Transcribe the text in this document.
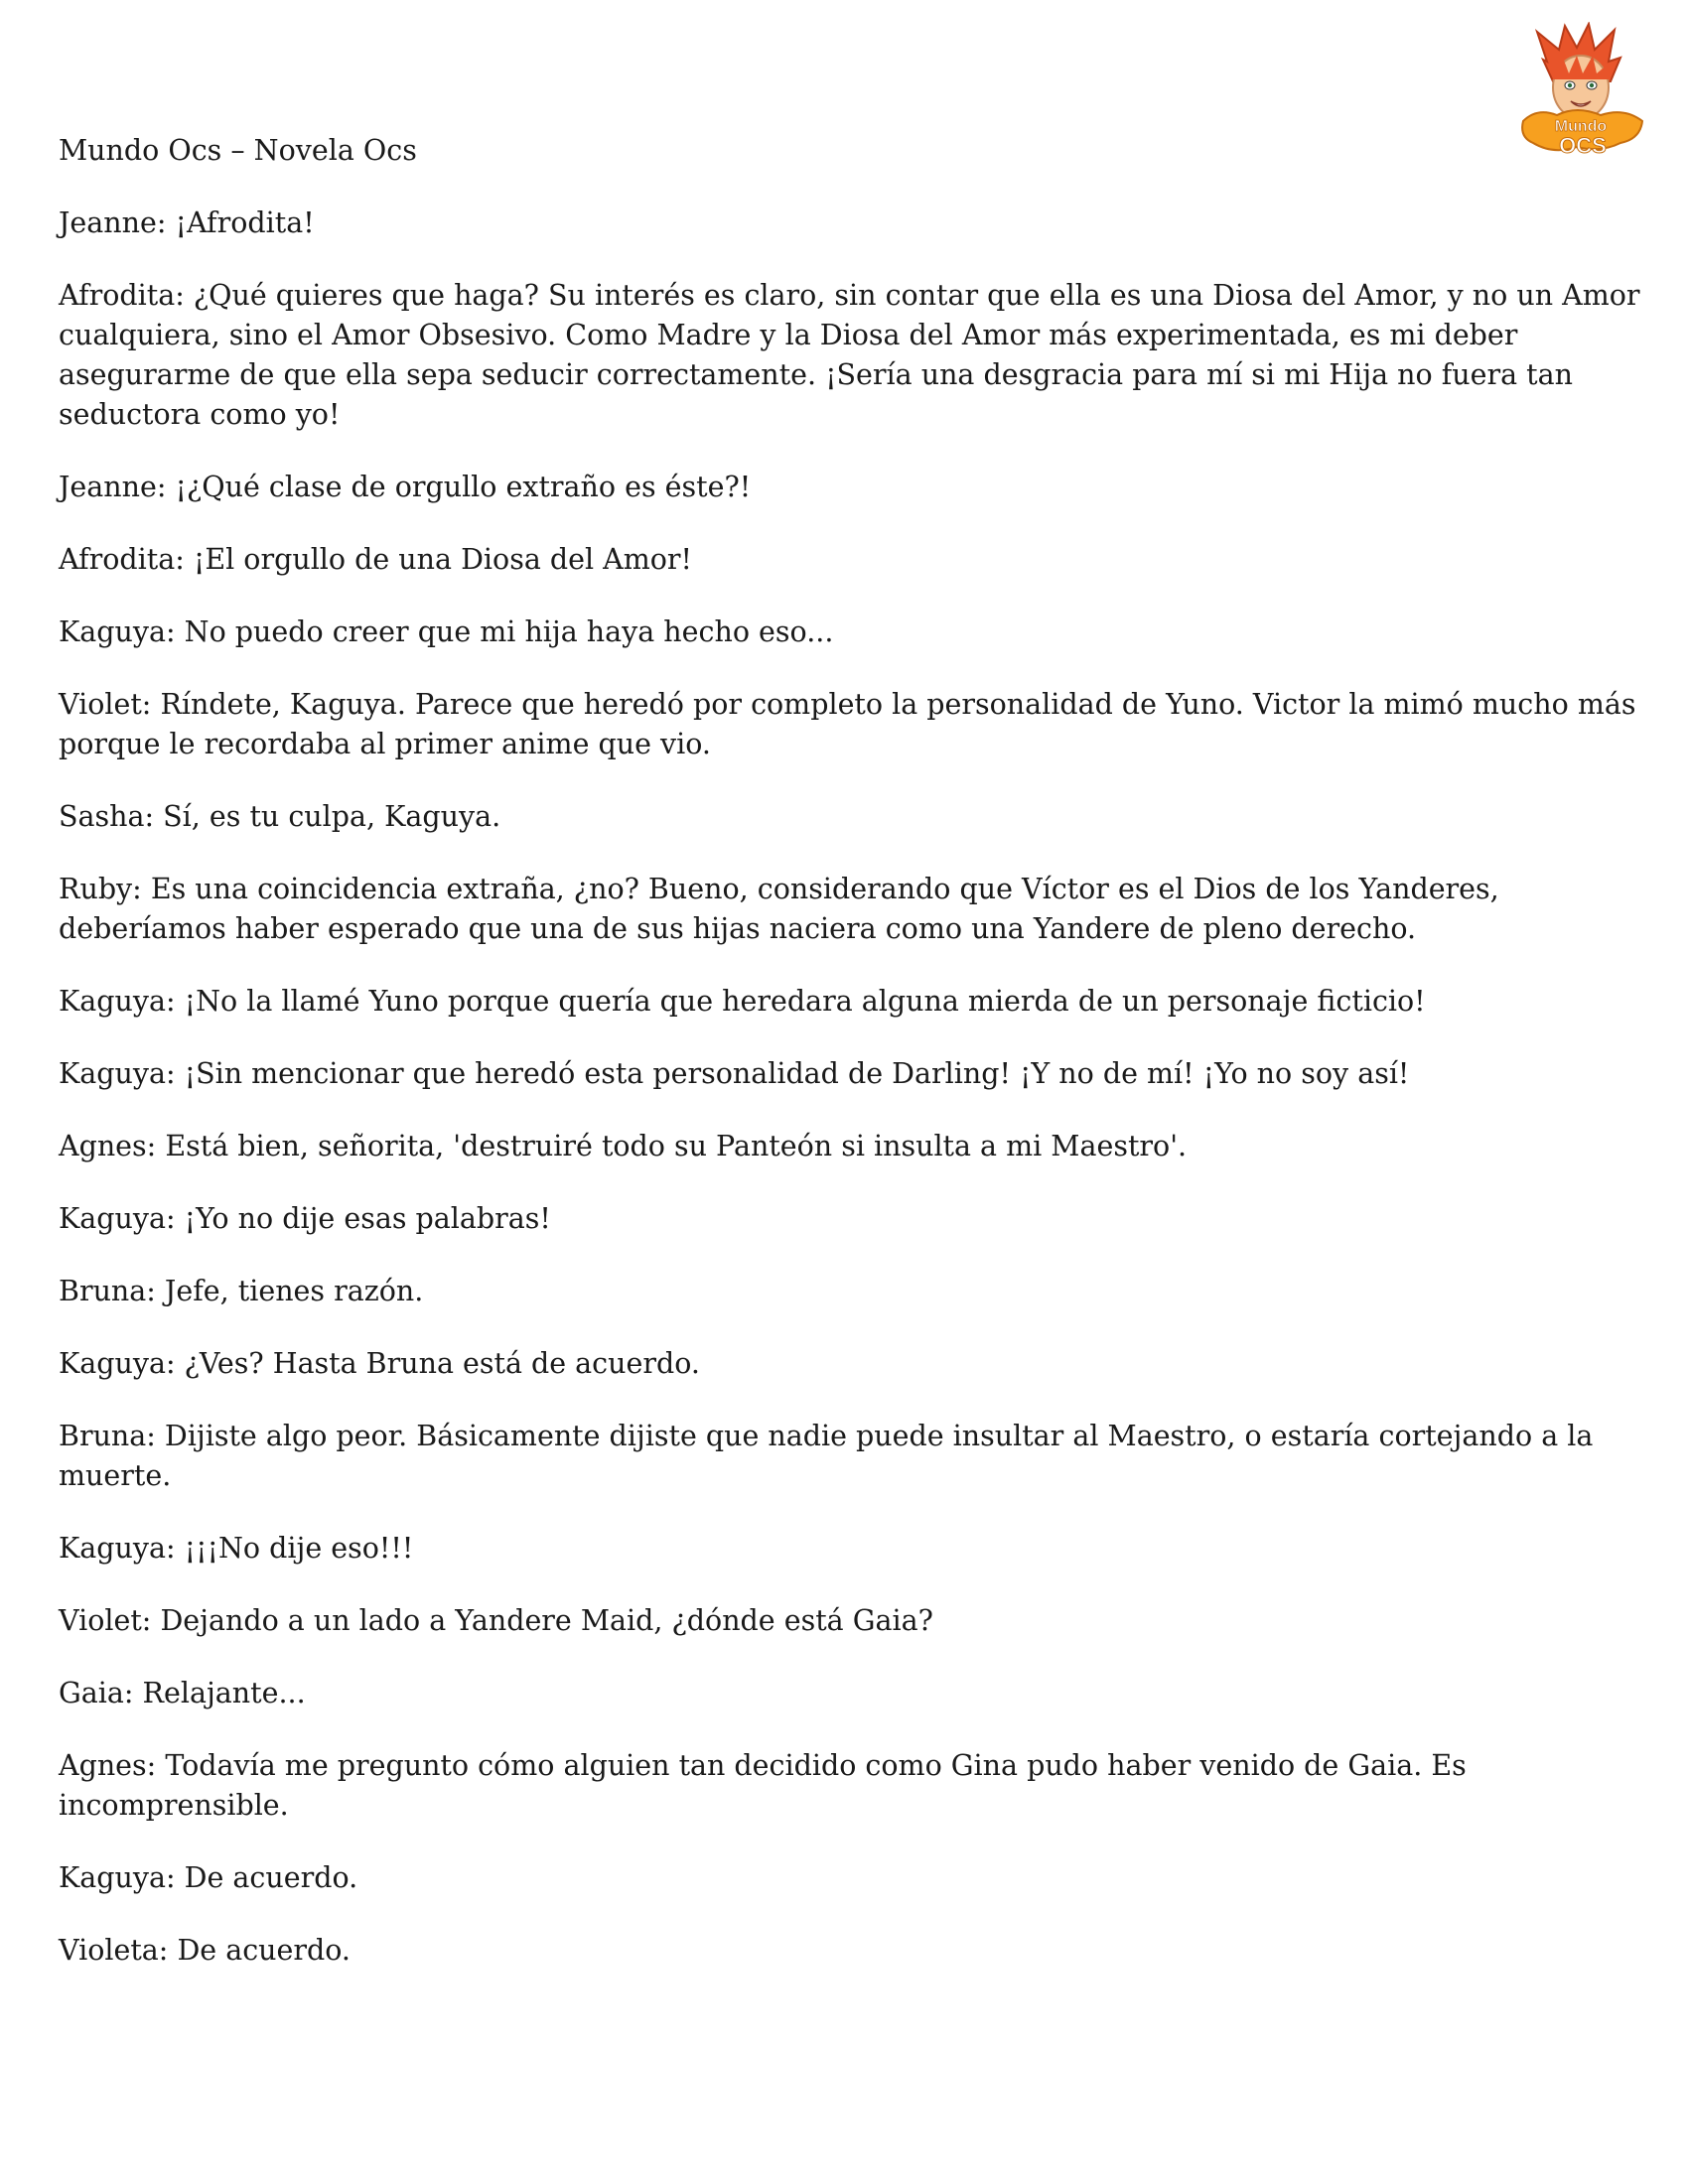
Mundo
OCS

Mundo Ocs – Novela Ocs

Jeanne: ¡Afrodita!

Afrodita: ¿Qué quieres que haga? Su interés es claro, sin contar que ella es una Diosa del Amor, y no un Amor cualquiera, sino el Amor Obsesivo. Como Madre y la Diosa del Amor más experimentada, es mi deber asegurarme de que ella sepa seducir correctamente. ¡Sería una desgracia para mí si mi Hija no fuera tan seductora como yo!

Jeanne: ¡¿Qué clase de orgullo extraño es éste?!

Afrodita: ¡El orgullo de una Diosa del Amor!

Kaguya: No puedo creer que mi hija haya hecho eso...

Violet: Ríndete, Kaguya. Parece que heredó por completo la personalidad de Yuno. Victor la mimó mucho más porque le recordaba al primer anime que vio.

Sasha: Sí, es tu culpa, Kaguya.

Ruby: Es una coincidencia extraña, ¿no? Bueno, considerando que Víctor es el Dios de los Yanderes, deberíamos haber esperado que una de sus hijas naciera como una Yandere de pleno derecho.

Kaguya: ¡No la llamé Yuno porque quería que heredara alguna mierda de un personaje ficticio!

Kaguya: ¡Sin mencionar que heredó esta personalidad de Darling! ¡Y no de mí! ¡Yo no soy así!

Agnes: Está bien, señorita, 'destruiré todo su Panteón si insulta a mi Maestro'.

Kaguya: ¡Yo no dije esas palabras!

Bruna: Jefe, tienes razón.

Kaguya: ¿Ves? Hasta Bruna está de acuerdo.

Bruna: Dijiste algo peor. Básicamente dijiste que nadie puede insultar al Maestro, o estaría cortejando a la muerte.

Kaguya: ¡¡¡No dije eso!!!

Violet: Dejando a un lado a Yandere Maid, ¿dónde está Gaia?

Gaia: Relajante...

Agnes: Todavía me pregunto cómo alguien tan decidido como Gina pudo haber venido de Gaia. Es incomprensible.

Kaguya: De acuerdo.

Violeta: De acuerdo.
